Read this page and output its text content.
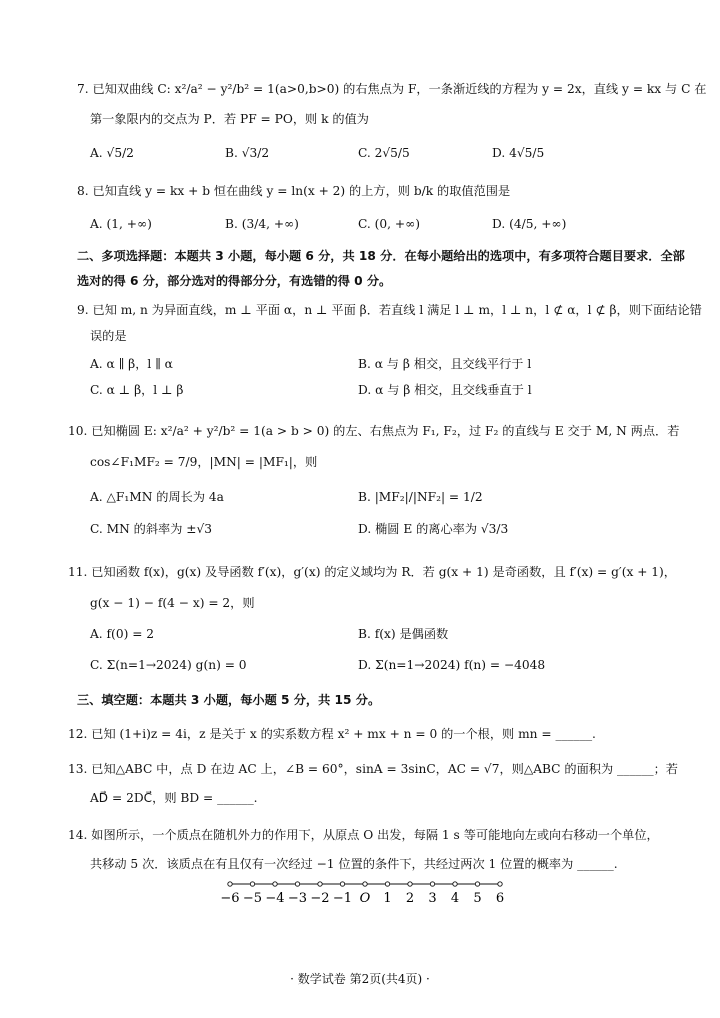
7. 已知双曲线 C: x²/a² − y²/b² = 1(a>0,b>0) 的右焦点为 F，一条渐近线的方程为 y = 2x，直线 y = kx 与 C 在
第一象限内的交点为 P．若 PF = PO，则 k 的值为
A. √5/2	B. √3/2	C. 2√5/5	D. 4√5/5
8. 已知直线 y = kx + b 恒在曲线 y = ln(x + 2) 的上方，则 b/k 的取值范围是
A. (1, +∞)	B. (3/4, +∞)	C. (0, +∞)	D. (4/5, +∞)
二、多项选择题：本题共 3 小题，每小题 6 分，共 18 分．在每小题给出的选项中，有多项符合题目要求．全部
选对的得 6 分，部分选对的得部分分，有选错的得 0 分。
9. 已知 m, n 为异面直线，m ⊥ 平面 α，n ⊥ 平面 β．若直线 l 满足 l ⊥ m，l ⊥ n，l ⊄ α，l ⊄ β，则下面结论错
误的是
A. α ∥ β，l ∥ α	B. α 与 β 相交，且交线平行于 l
C. α ⊥ β，l ⊥ β	D. α 与 β 相交，且交线垂直于 l
10. 已知椭圆 E: x²/a² + y²/b² = 1(a > b > 0) 的左、右焦点为 F₁, F₂，过 F₂ 的直线与 E 交于 M, N 两点．若
cos∠F₁MF₂ = 7/9，|MN| = |MF₁|，则
A. △F₁MN 的周长为 4a	B. |MF₂|/|NF₂| = 1/2
C. MN 的斜率为 ±√3	D. 椭圆 E 的离心率为 √3/3
11. 已知函数 f(x)，g(x) 及导函数 f′(x)，g′(x) 的定义域均为 R．若 g(x + 1) 是奇函数，且 f′(x) = g′(x + 1)，
g(x − 1) − f(4 − x) = 2，则
A. f(0) = 2	B. f(x) 是偶函数
C. Σ(n=1→2024) g(n) = 0	D. Σ(n=1→2024) f(n) = −4048
三、填空题：本题共 3 小题，每小题 5 分，共 15 分。
12. 已知 (1+i)z = 4i，z 是关于 x 的实系数方程 x² + mx + n = 0 的一个根，则 mn = ______.
13. 已知△ABC 中，点 D 在边 AC 上，∠B = 60°，sinA = 3sinC，AC = √7，则△ABC 的面积为 ______；若
AD⃗ = 2DC⃗，则 BD = ______.
14. 如图所示，一个质点在随机外力的作用下，从原点 O 出发，每隔 1 s 等可能地向左或向右移动一个单位，
共移动 5 次．该质点在有且仅有一次经过 −1 位置的条件下，共经过两次 1 位置的概率为 ______.
−6 −5 −4 −3 −2 −1 O 1 2 3 4 5 6
· 数学试卷 第2页(共4页) ·
